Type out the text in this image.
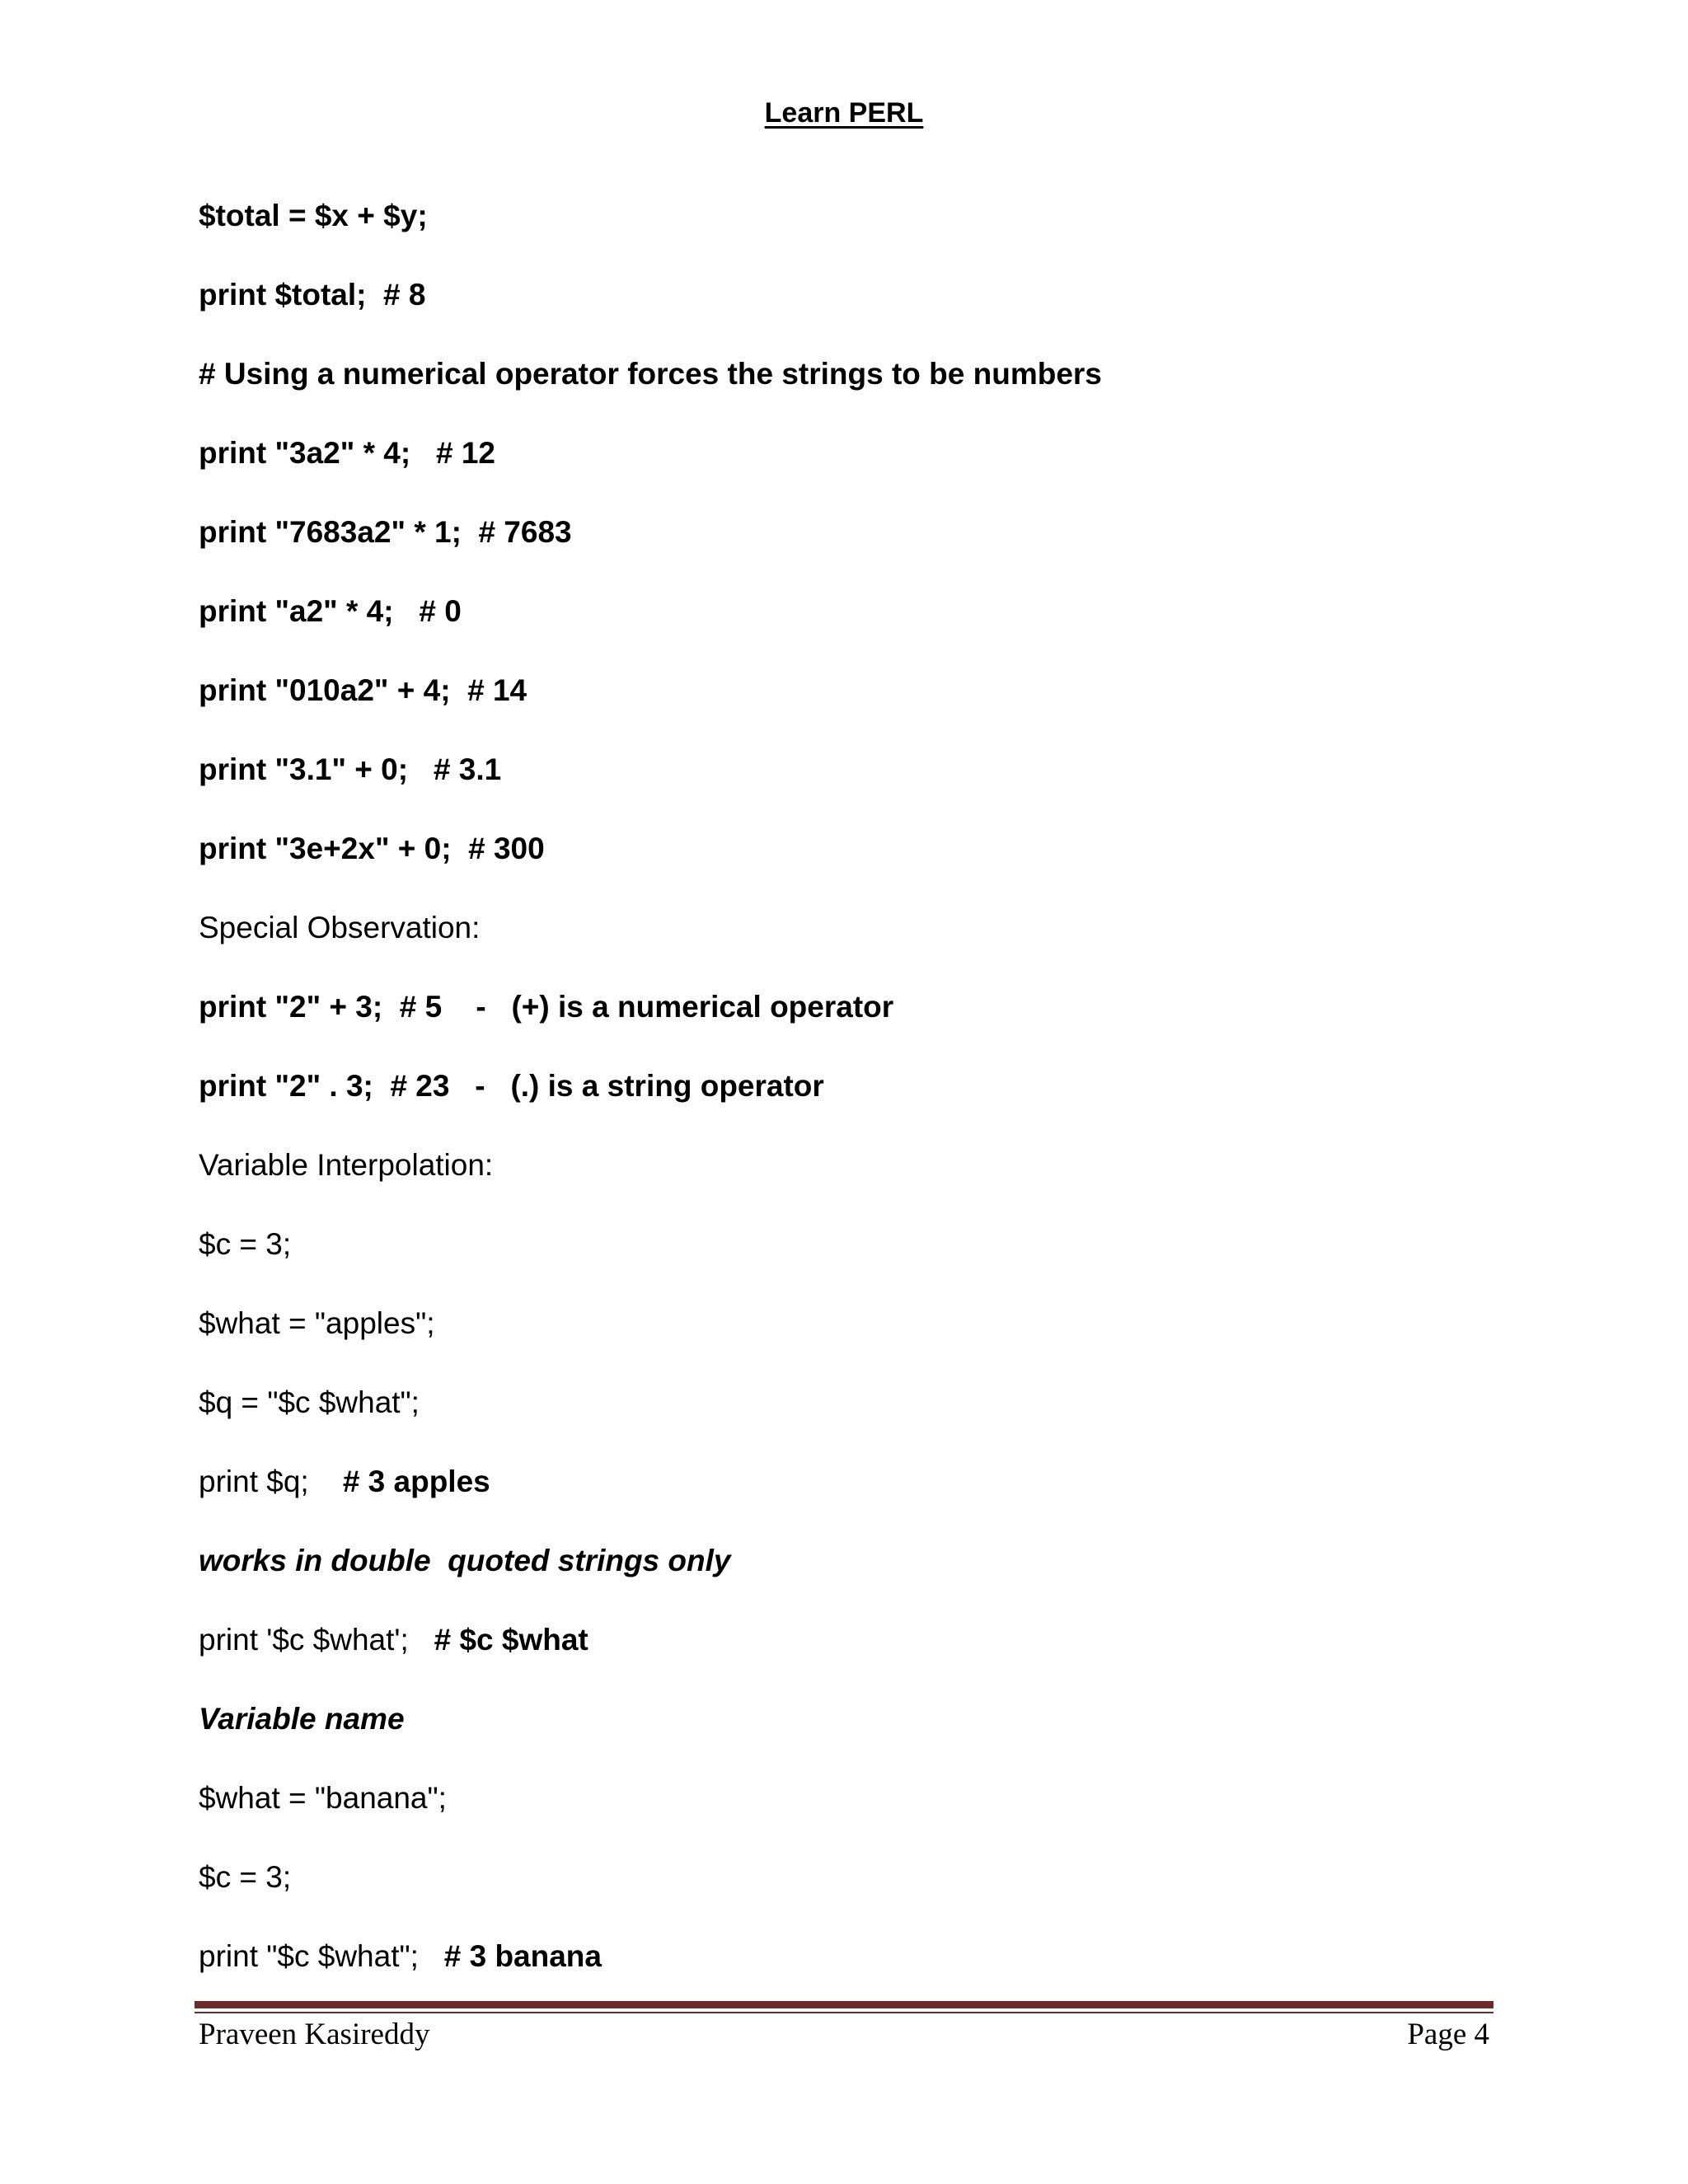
Learn PERL

$total = $x + $y;

print $total;  # 8

# Using a numerical operator forces the strings to be numbers

print "3a2" * 4;   # 12

print "7683a2" * 1;  # 7683

print "a2" * 4;   # 0

print "010a2" + 4;  # 14

print "3.1" + 0;   # 3.1

print "3e+2x" + 0;  # 300

Special Observation:

print "2" + 3;  # 5    -   (+) is a numerical operator

print "2" . 3;  # 23   -   (.) is a string operator

Variable Interpolation:

$c = 3;

$what = "apples";

$q = "$c $what";

print $q;    # 3 apples

works in double  quoted strings only

print '$c $what';   # $c $what

Variable name

$what = "banana";

$c = 3;

print "$c $what";   # 3 banana

Praveen Kasireddy	Page 4
